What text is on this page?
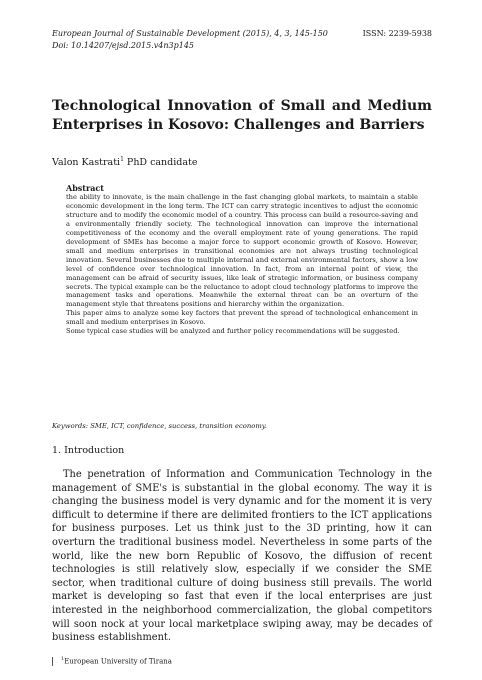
European Journal of Sustainable Development (2015), 4, 3, 145-150	ISSN: 2239-5938
Doi: 10.14207/ejsd.2015.v4n3p145
Technological Innovation of Small and Medium Enterprises in Kosovo: Challenges and Barriers
Valon Kastrati$^1$ PhD candidate
Abstract

the ability to innovate, is the main challenge in the fast changing global markets, to maintain a stable economic development in the long term. The ICT can carry strategic incentives to adjust the economic structure and to modify the economic model of a country. This process can build a resource-saving and a environmentally friendly society. The technological innovation can improve the international competitiveness of the economy and the overall employment rate of young generations. The rapid development of SMEs has become a major force to support economic growth of Kosovo. However, small and medium enterprises in transitional economies are not always trusting technological innovation. Several businesses due to multiple internal and external environmental factors, show a low level of confidence over technological innovation. In fact, from an internal point of view, the management can be afraid of security issues, like leak of strategic information, or business company secrets. The typical example can be the reluctance to adopt cloud technology platforms to improve the management tasks and operations. Meanwhile the external threat can be an overturn of the management style that threatens positions and hierarchy within the organization.

This paper aims to analyze some key factors that prevent the spread of technological enhancement in small and medium enterprises in Kosovo.

Some typical case studies will be analyzed and further policy recommendations will be suggested.

Keywords: SME, ICT, confidence, success, transition economy.
1. Introduction

The penetration of Information and Communication Technology in the management of SME's is substantial in the global economy. The way it is changing the business model is very dynamic and for the moment it is very difficult to determine if there are delimited frontiers to the ICT applications for business purposes. Let us think just to the 3D printing, how it can overturn the traditional business model. Nevertheless in some parts of the world, like the new born Republic of Kosovo, the diffusion of recent technologies is still relatively slow, especially if we consider the SME sector, when traditional culture of doing business still prevails. The world market is developing so fast that even if the local enterprises are just interested in the neighborhood commercialization, the global competitors will soon nock at your local marketplace swiping away, may be decades of business establishment.

$^1$European University of Tirana
